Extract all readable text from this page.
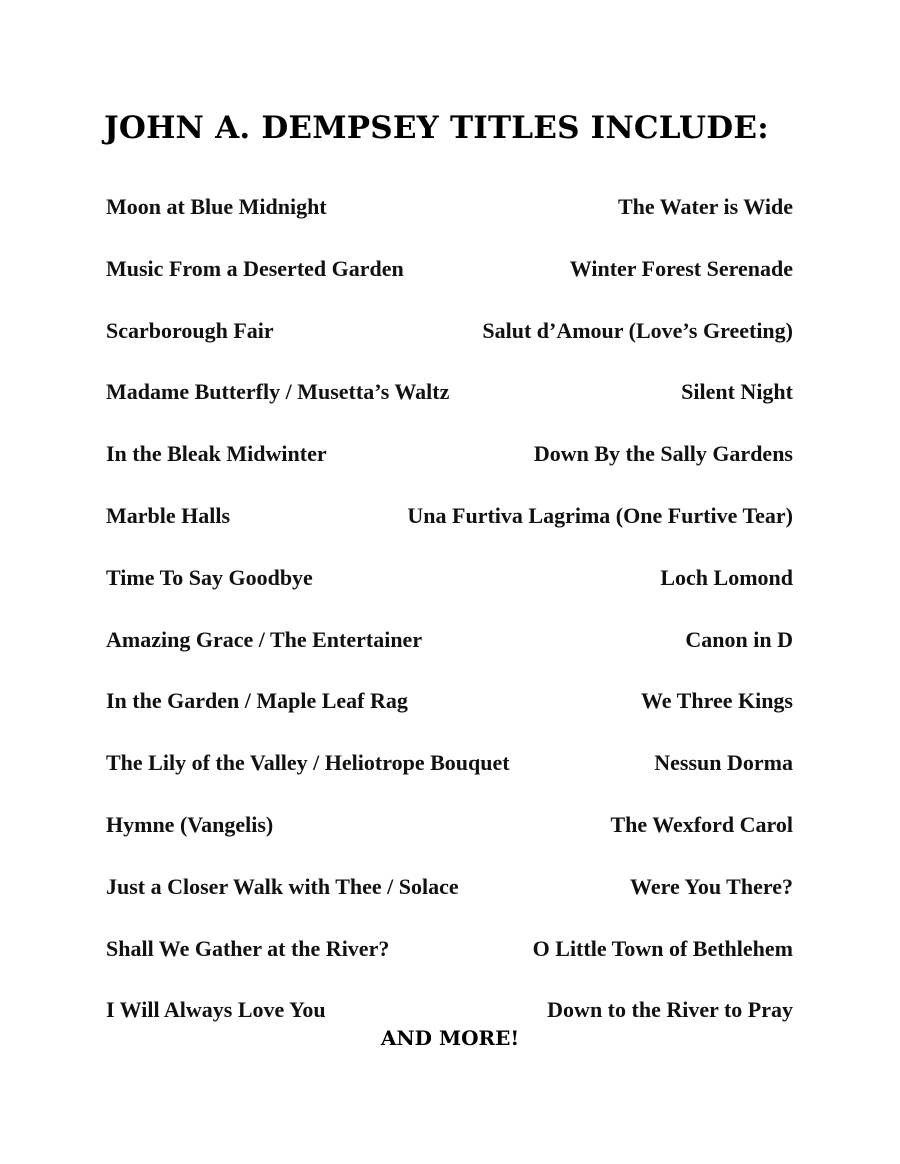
JOHN A. DEMPSEY TITLES INCLUDE:
Moon at Blue Midnight	The Water is Wide
Music From a Deserted Garden	Winter Forest Serenade
Scarborough Fair	Salut d’Amour (Love’s Greeting)
Madame Butterfly / Musetta’s Waltz	Silent Night
In the Bleak Midwinter	Down By the Sally Gardens
Marble Halls	Una Furtiva Lagrima (One Furtive Tear)
Time To Say Goodbye	Loch Lomond
Amazing Grace / The Entertainer	Canon in D
In the Garden / Maple Leaf Rag	We Three Kings
The Lily of the Valley / Heliotrope Bouquet	Nessun Dorma
Hymne (Vangelis)	The Wexford Carol
Just a Closer Walk with Thee / Solace	Were You There?
Shall We Gather at the River?	O Little Town of Bethlehem
I Will Always Love You	Down to the River to Pray
AND MORE!
